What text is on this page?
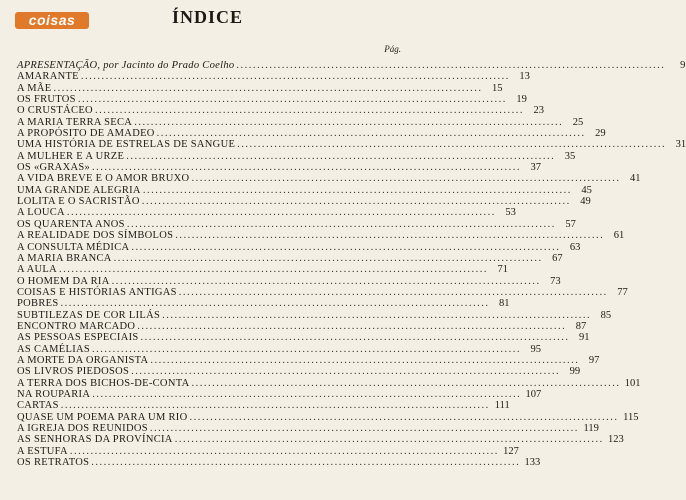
coisas	ÍNDICE
Pág.
APRESENTAÇÃO, por Jacinto do Prado Coelho .....	9
AMARANTE .....	13
A MÃE .....	15
OS FRUTOS .....	19
O CRUSTÁCEO .....	23
A MARIA TERRA SECA .....	25
A PROPÓSITO DE AMADEO .....	29
UMA HISTÓRIA DE ESTRELAS DE SANGUE .....	31
A MULHER E A URZE .....	35
OS «GRAXAS» .....	37
A VIDA BREVE E O AMOR BRUXO .....	41
UMA GRANDE ALEGRIA .....	45
LOLITA E O SACRISTÃO .....	49
A LOUCA .....	53
OS QUARENTA ANOS .....	57
A REALIDADE DOS SÍMBOLOS .....	61
A CONSULTA MÉDICA .....	63
A MARIA BRANCA .....	67
A AULA .....	71
O HOMEM DA RIA .....	73
COISAS E HISTÓRIAS ANTIGAS .....	77
POBRES .....	81
SUBTILEZAS DE COR LILÁS .....	85
ENCONTRO MARCADO .....	87
AS PESSOAS ESPECIAIS .....	91
AS CAMÉLIAS .....	95
A MORTE DA ORGANISTA .....	97
OS LIVROS PIEDOSOS .....	99
A TERRA DOS BICHOS-DE-CONTA .....	101
NA ROUPARIA .....	107
CARTAS .....	111
QUASE UM POEMA PARA UM RIO .....	115
A IGREJA DOS REUNIDOS .....	119
AS SENHORAS DA PROVÍNCIA .....	123
A ESTUFA .....	127
OS RETRATOS .....	133
